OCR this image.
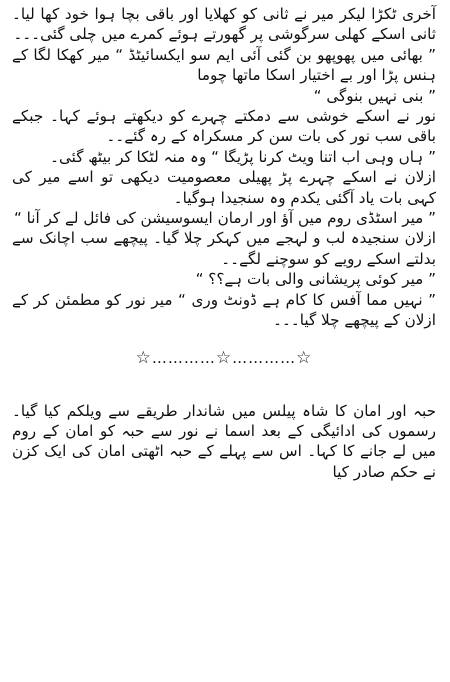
آخری ٹکڑا لیکر میر نے ثانی کو کھلایا اور باقی بچا ہوا خود کھا لیا۔ ثانی اسکے کھلی سرگوشی پر گھورتے ہوئے کمرے میں چلی گئی۔۔۔

” بھائی میں پھوپھو بن گئی آئی ایم سو ایکسائیٹڈ “ میر کھکا لگا کے ہنس پڑا اور بے اختیار اسکا ماتھا چوما

” بنی نہیں بنوگی “

نور نے اسکے خوشی سے دمکتے چہرے کو دیکھتے ہوئے کہا۔ جبکے باقی سب نور کی بات سن کر مسکراہ کے رہ گئے۔۔

” ہاں وہی اب اتنا ویٹ کرنا پڑیگا “ وہ منہ لٹکا کر بیٹھ گئی۔

ازلان نے اسکے چہرے پڑ پھیلی معصومیت دیکھی تو اسے میر کی کہی بات یاد آگئی یکدم وہ سنجیدا ہوگیا۔

” میر اسٹڈی روم میں آؤ اور ارمان ایسوسیشن کی فائل لے کر آنا “

ازلان سنجیدہ لب و لہجے میں کہکر چلا گیا۔ پیچھے سب اچانک سے بدلتے اسکے رویے کو سوچنے لگے۔۔

” میر کوئی پریشانی والی بات ہے؟؟ “

” نہیں مما آفس کا کام ہے ڈونٹ وری “ میر نور کو مطمئن کر کے ازلان کے پیچھے چلا گیا۔۔۔

☆…………☆…………☆

حبہ اور امان کا شاہ پیلس میں شاندار طریقے سے ویلکم کیا گیا۔ رسموں کی ادائیگی کے بعد اسما نے نور سے حبہ کو امان کے روم میں لے جانے کا کہا۔ اس سے پہلے کے حبہ اٹھتی امان کی ایک کزن نے حکم صادر کیا
